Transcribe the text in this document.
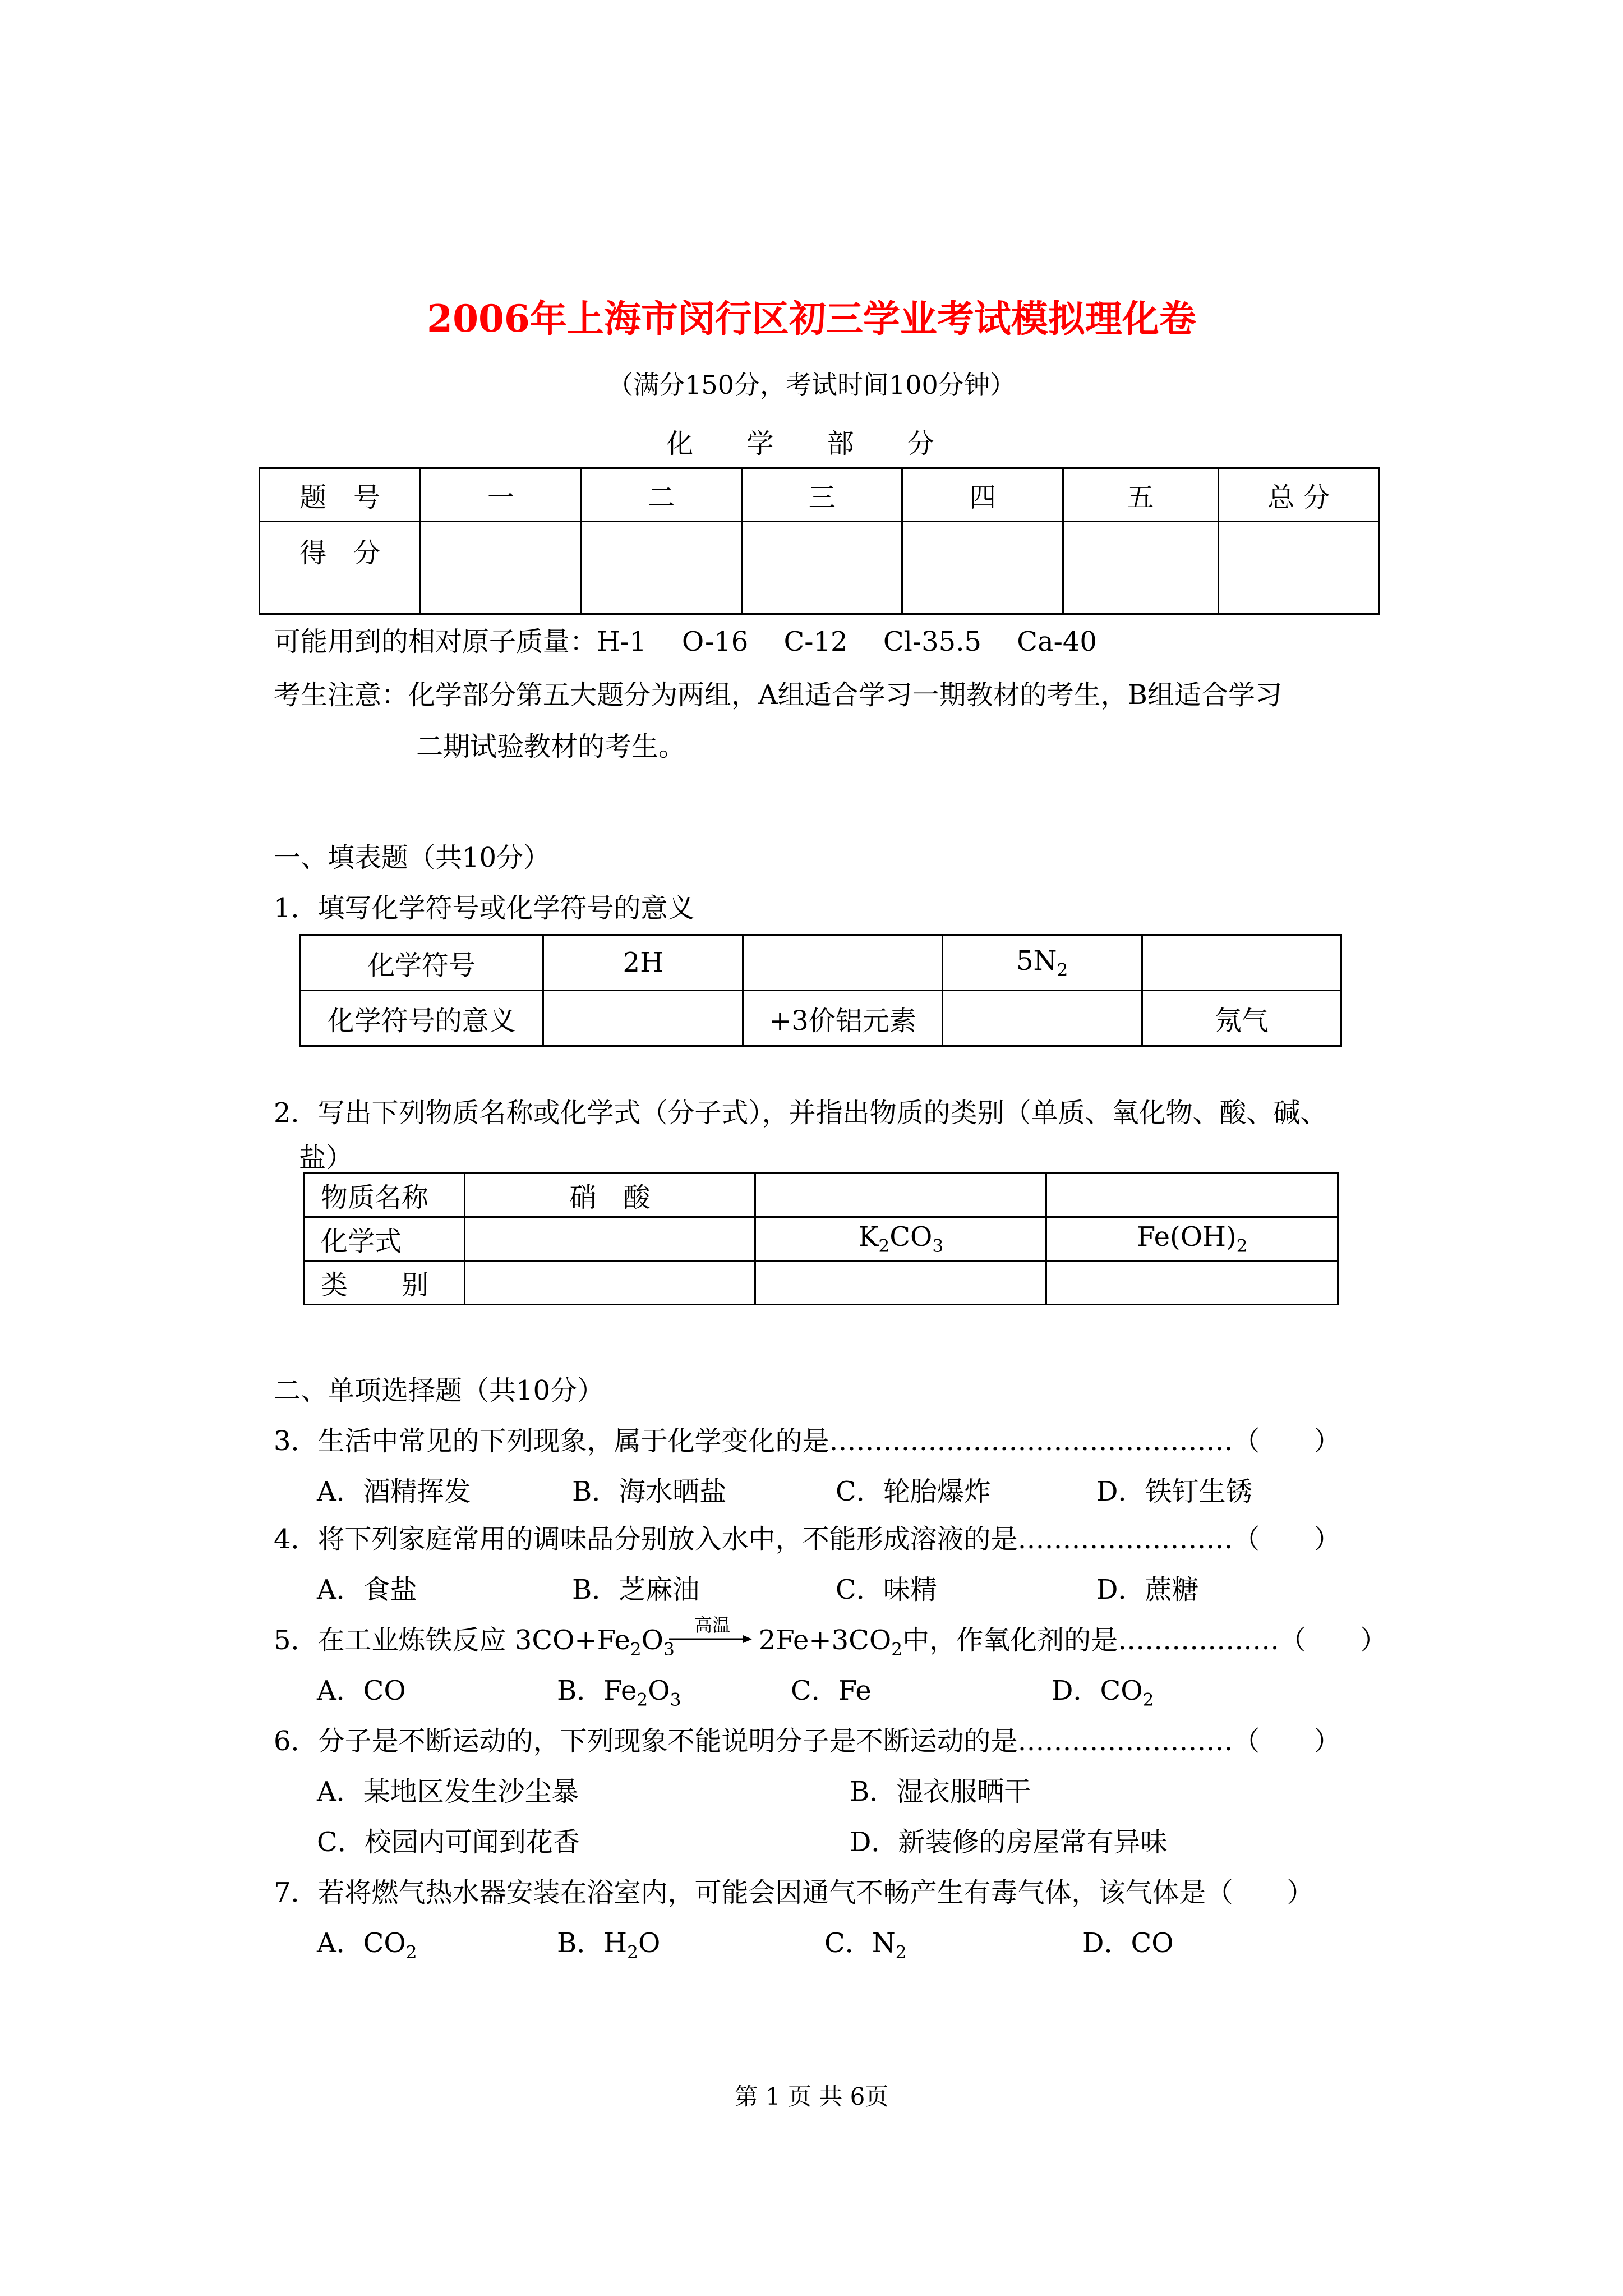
2006年上海市闵行区初三学业考试模拟理化卷
（满分150分，考试时间100分钟）
化 学 部 分
题　号	一	二	三	四	五	总 分
得　分						
可能用到的相对原子质量：H-1　 O-16　 C-12　 Cl-35.5　 Ca-40
考生注意：化学部分第五大题分为两组，A组适合学习一期教材的考生，B组适合学习
二期试验教材的考生。
一、填表题（共10分）
1．填写化学符号或化学符号的意义
化学符号	2H		$5N_2$	
化学符号的意义		+3价铝元素		氖气
2．写出下列物质名称或化学式（分子式），并指出物质的类别（单质、氧化物、酸、碱、
盐）
物质名称	硝　酸		
化学式		$K_2CO_3$	$Fe(OH)_2$
类　　别			
二、单项选择题（共10分）
3．生活中常见的下列现象，属于化学变化的是………………………………………（　　）
A．酒精挥发	B．海水晒盐	C．轮胎爆炸	D．铁钉生锈
4．将下列家庭常用的调味品分别放入水中，不能形成溶液的是……………………（　　）
A．食盐	B．芝麻油	C．味精	D．蔗糖
5．在工业炼铁反应 $3CO+Fe_2O_3$	$2Fe+3CO_2$中，作氧化剂的是………………（　　）
高温
A．CO	B．$Fe_2O_3$	C．Fe	D．$CO_2$
6．分子是不断运动的，下列现象不能说明分子是不断运动的是……………………（　　）
A．某地区发生沙尘暴	B．湿衣服晒干
C．校园内可闻到花香	D．新装修的房屋常有异味
7．若将燃气热水器安装在浴室内，可能会因通气不畅产生有毒气体，该气体是（　　）
A．$CO_2$	B．$H_2O$	C．$N_2$	D．CO
第 1 页 共 6页
